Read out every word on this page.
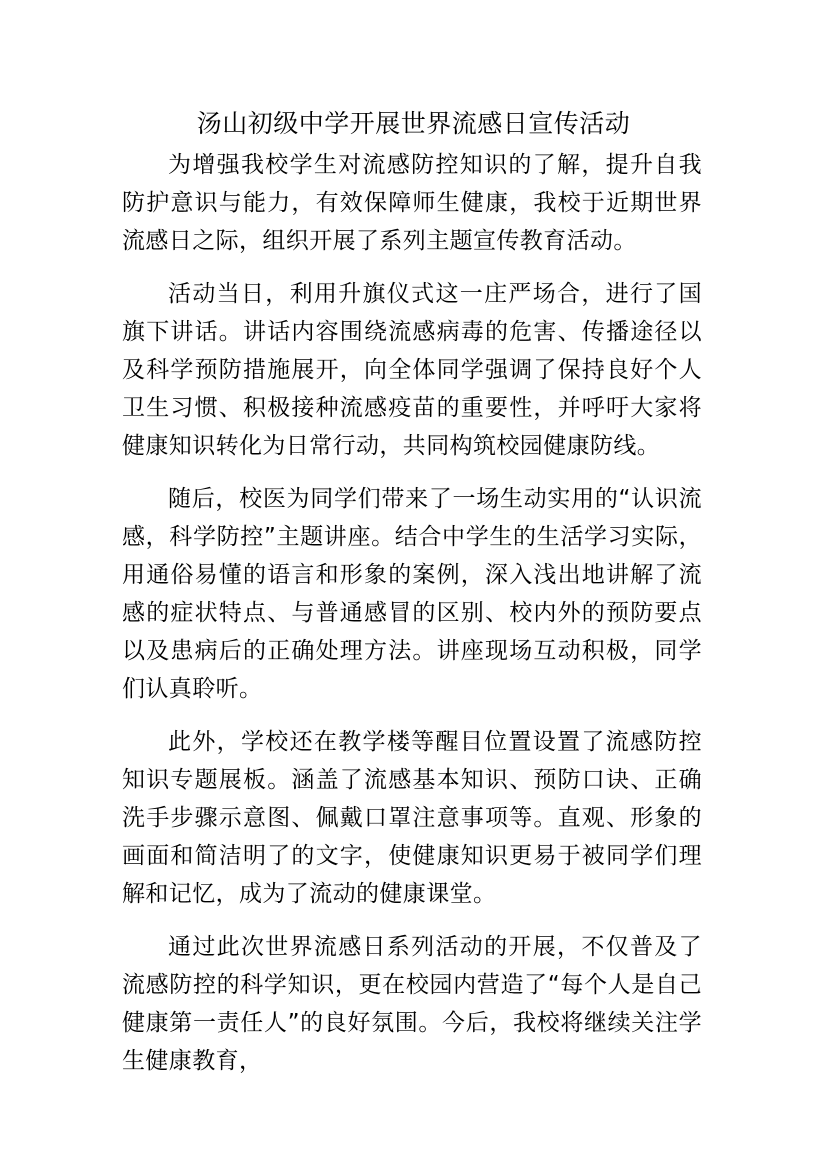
汤山初级中学开展世界流感日宣传活动

为增强我校学生对流感防控知识的了解，提升自我防护意识与能力，有效保障师生健康，我校于近期世界流感日之际，组织开展了系列主题宣传教育活动。

活动当日，利用升旗仪式这一庄严场合，进行了国旗下讲话。讲话内容围绕流感病毒的危害、传播途径以及科学预防措施展开，向全体同学强调了保持良好个人卫生习惯、积极接种流感疫苗的重要性，并呼吁大家将健康知识转化为日常行动，共同构筑校园健康防线。

随后，校医为同学们带来了一场生动实用的“认识流感，科学防控”主题讲座。结合中学生的生活学习实际，用通俗易懂的语言和形象的案例，深入浅出地讲解了流感的症状特点、与普通感冒的区别、校内外的预防要点以及患病后的正确处理方法。讲座现场互动积极，同学们认真聆听。

此外，学校还在教学楼等醒目位置设置了流感防控知识专题展板。涵盖了流感基本知识、预防口诀、正确洗手步骤示意图、佩戴口罩注意事项等。直观、形象的画面和简洁明了的文字，使健康知识更易于被同学们理解和记忆，成为了流动的健康课堂。

通过此次世界流感日系列活动的开展，不仅普及了流感防控的科学知识，更在校园内营造了“每个人是自己健康第一责任人”的良好氛围。今后，我校将继续关注学生健康教育，
